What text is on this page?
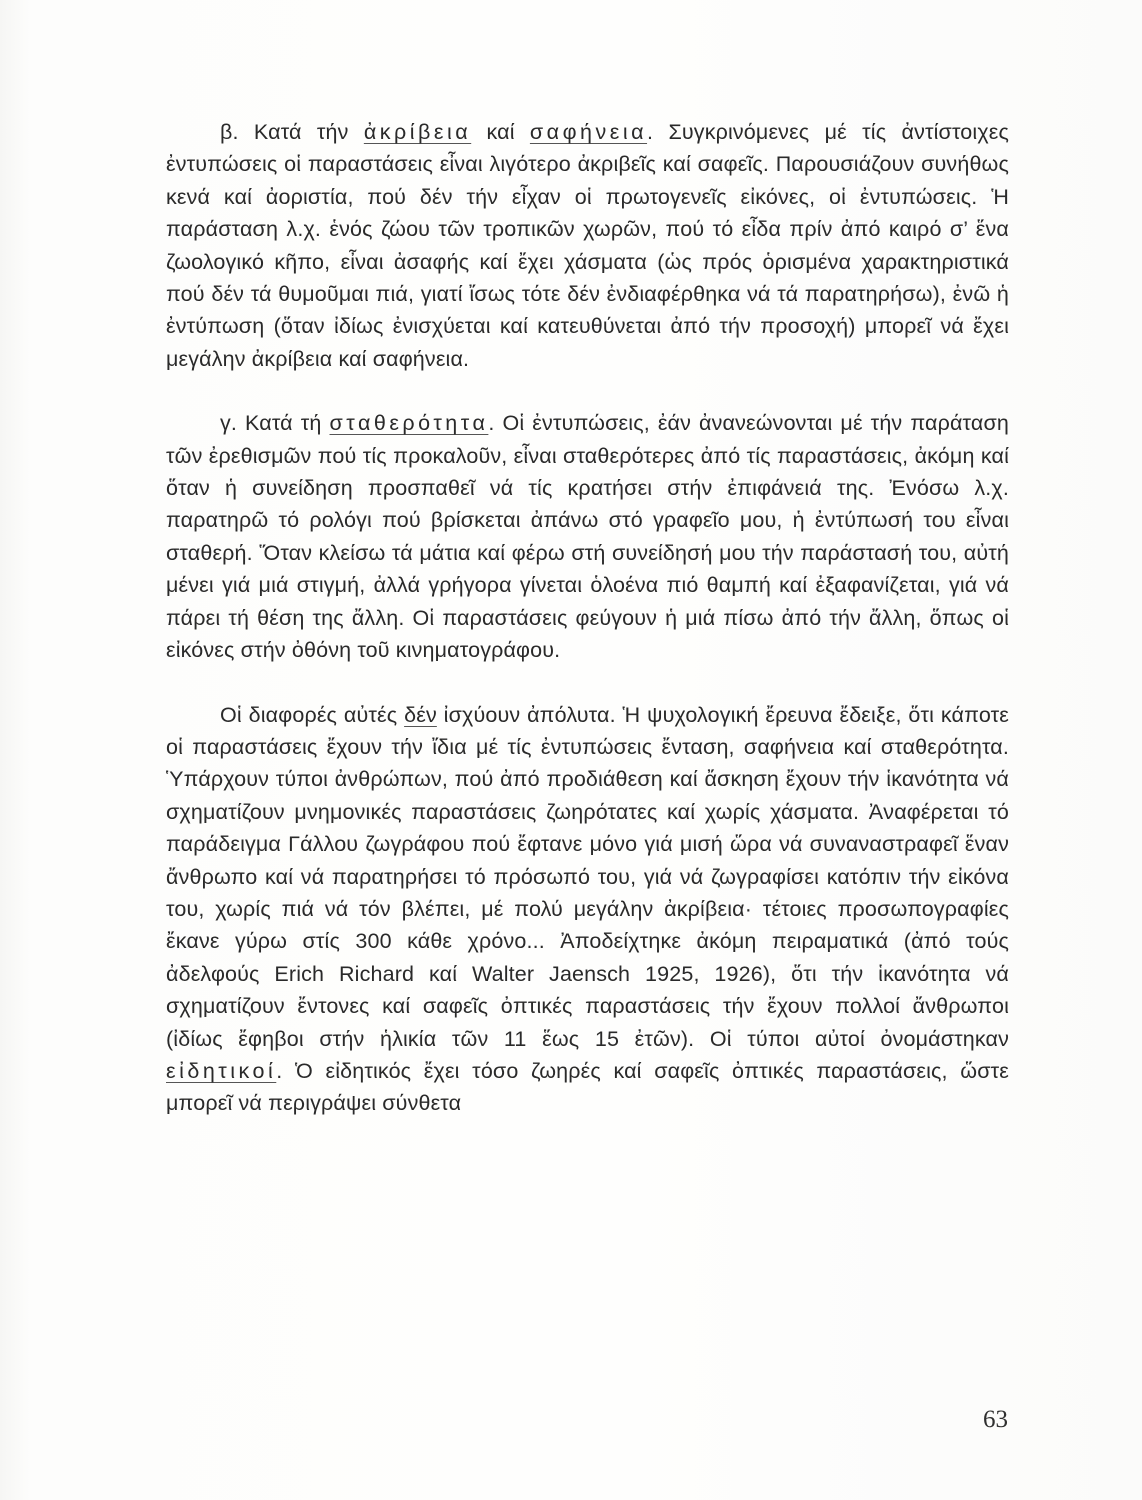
β. Κατά τήν ἀκρίβεια καί σαφήνεια. Συγκρινόμενες μέ τίς ἀντίστοιχες ἐντυπώσεις οἱ παραστάσεις εἶναι λιγότερο ἀκριβεῖς καί σαφεῖς. Παρουσιάζουν συνήθως κενά καί ἀοριστία, πού δέν τήν εἶχαν οἱ πρωτογενεῖς εἰκόνες, οἱ ἐντυπώσεις. Ἡ παράσταση λ.χ. ἑνός ζώου τῶν τροπικῶν χωρῶν, πού τό εἶδα πρίν ἀπό καιρό σ’ ἕνα ζωολογικό κῆπο, εἶναι ἀσαφής καί ἔχει χάσματα (ὡς πρός ὁρισμένα χαρακτηριστικά πού δέν τά θυμοῦμαι πιά, γιατί ἴσως τότε δέν ἐνδιαφέρθηκα νά τά παρατηρήσω), ἐνῶ ἡ ἐντύπωση (ὅταν ἰδίως ἐνισχύεται καί κατευθύνεται ἀπό τήν προσοχή) μπορεῖ νά ἔχει μεγάλην ἀκρίβεια καί σαφήνεια.

γ. Κατά τή σταθερότητα. Οἱ ἐντυπώσεις, ἐάν ἀνανεώνονται μέ τήν παράταση τῶν ἐρεθισμῶν πού τίς προκαλοῦν, εἶναι σταθερότερες ἀπό τίς παραστάσεις, ἀκόμη καί ὅταν ἡ συνείδηση προσπαθεῖ νά τίς κρατήσει στήν ἐπιφάνειά της. Ἐνόσω λ.χ. παρατηρῶ τό ρολόγι πού βρίσκεται ἀπάνω στό γραφεῖο μου, ἡ ἐντύπωσή του εἶναι σταθερή. Ὅταν κλείσω τά μάτια καί φέρω στή συνείδησή μου τήν παράστασή του, αὐτή μένει γιά μιά στιγμή, ἀλλά γρήγορα γίνεται ὁλοένα πιό θαμπή καί ἐξαφανίζεται, γιά νά πάρει τή θέση της ἄλλη. Οἱ παραστάσεις φεύγουν ἡ μιά πίσω ἀπό τήν ἄλλη, ὅπως οἱ εἰκόνες στήν ὀθόνη τοῦ κινηματογράφου.

Οἱ διαφορές αὐτές δέν ἰσχύουν ἀπόλυτα. Ἡ ψυχολογική ἔρευνα ἔδειξε, ὅτι κάποτε οἱ παραστάσεις ἔχουν τήν ἴδια μέ τίς ἐντυπώσεις ἔνταση, σαφήνεια καί σταθερότητα. Ὑπάρχουν τύποι ἀνθρώπων, πού ἀπό προδιάθεση καί ἄσκηση ἔχουν τήν ἱκανότητα νά σχηματίζουν μνημονικές παραστάσεις ζωηρότατες καί χωρίς χάσματα. Ἀναφέρεται τό παράδειγμα Γάλλου ζωγράφου πού ἔφτανε μόνο γιά μισή ὥρα νά συναναστραφεῖ ἕναν ἄνθρωπο καί νά παρατηρήσει τό πρόσωπό του, γιά νά ζωγραφίσει κατόπιν τήν εἰκόνα του, χωρίς πιά νά τόν βλέπει, μέ πολύ μεγάλην ἀκρίβεια· τέτοιες προσωπογραφίες ἔκανε γύρω στίς 300 κάθε χρόνο... Ἀποδείχτηκε ἀκόμη πειραματικά (ἀπό τούς ἀδελφούς Erich Richard καί Walter Jaensch 1925, 1926), ὅτι τήν ἱκανότητα νά σχηματίζουν ἔντονες καί σαφεῖς ὀπτικές παραστάσεις τήν ἔχουν πολλοί ἄνθρωποι (ἰδίως ἔφηβοι στήν ἡλικία τῶν 11 ἕως 15 ἐτῶν). Οἱ τύποι αὐτοί ὀνομάστηκαν εἰδητικοί. Ὁ εἰδητικός ἔχει τόσο ζωηρές καί σαφεῖς ὀπτικές παραστάσεις, ὥστε μπορεῖ νά περιγράψει σύνθετα

63
